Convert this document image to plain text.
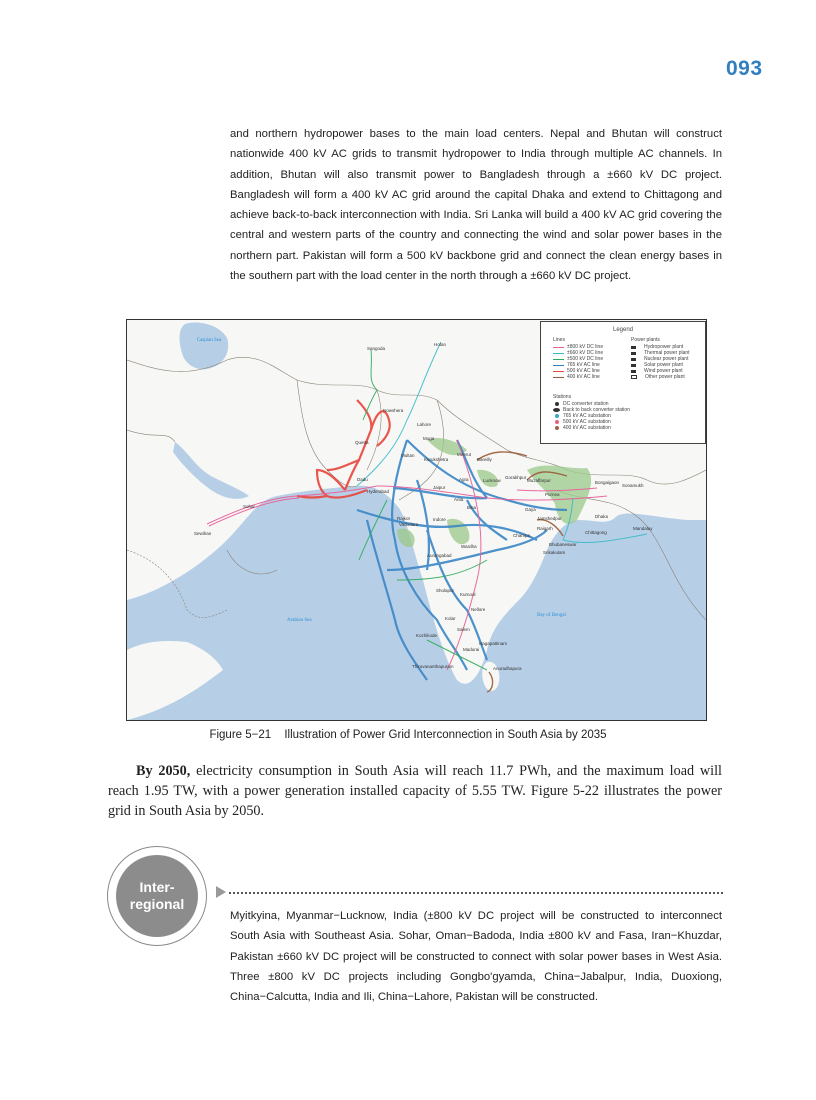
093

and northern hydropower bases to the main load centers. Nepal and Bhutan will construct nationwide 400 kV AC grids to transmit hydropower to India through multiple AC channels. In addition, Bhutan will also transmit power to Bangladesh through a ±660 kV DC project. Bangladesh will form a 400 kV AC grid around the capital Dhaka and extend to Chittagong and achieve back-to-back interconnection with India. Sri Lanka will build a 400 kV AC grid covering the central and western parts of the country and connecting the wind and solar power bases in the northern part. Pakistan will form a 500 kV backbone grid and connect the clean energy bases in the southern part with the load center in the north through a ±660 kV DC project.

Legend
Lines
±800 kV DC line
±660 kV DC line
±500 kV DC line
765 kV AC line
500 kV AC line
400 kV AC line
Power plants
Hydropower plant
Thermal power plant
Nuclear power plant
Solar power plant
Wind power plant
Other power plant
Stations
DC converter station
Back to back converter station
765 kV AC substation
500 kV AC substation
400 kV AC substation
Caspian Sea
Arabian Sea
Bay of Bengal
Sangoda
Hotan
Nowshera
Lahore
Moga
Quetta
Multan
Dadu
Hyderabad
Sohar
Sewihan
Kurukshetra
Meerut
Bareilly
Agra
Jaipur
Lucknow
Gorakhpur
Muzaffarpur
Purnea
Bongaigaon
Sonamukh
Anta
Bina
Rajkot
Vadodara
Indore
Gaya
Jamshedpur	Dhaka
Chittagong
Mandalay
Champa
Raigarh
Bhubaneswar
Srikakulam
Wardha
Aurangabad
Sholapur
Kurnool
Nellore
Kolar
Salem
Kozhikode
Nagapattinam
Madurai
Thiruvananthapuram	Anuradhapura
Figure 5−21 Illustration of Power Grid Interconnection in South Asia by 2035

By 2050, electricity consumption in South Asia will reach 11.7 PWh, and the maximum load will reach 1.95 TW, with a power generation installed capacity of 5.55 TW. Figure 5-22 illustrates the power grid in South Asia by 2050.

Inter-
regional

Myitkyina, Myanmar−Lucknow, India (±800 kV DC project will be constructed to interconnect South Asia with Southeast Asia. Sohar, Oman−Badoda, India ±800 kV and Fasa, Iran−Khuzdar, Pakistan ±660 kV DC project will be constructed to connect with solar power bases in West Asia. Three ±800 kV DC projects including Gongbo'gyamda, China−Jabalpur, India, Duoxiong, China−Calcutta, India and Ili, China−Lahore, Pakistan will be constructed.
